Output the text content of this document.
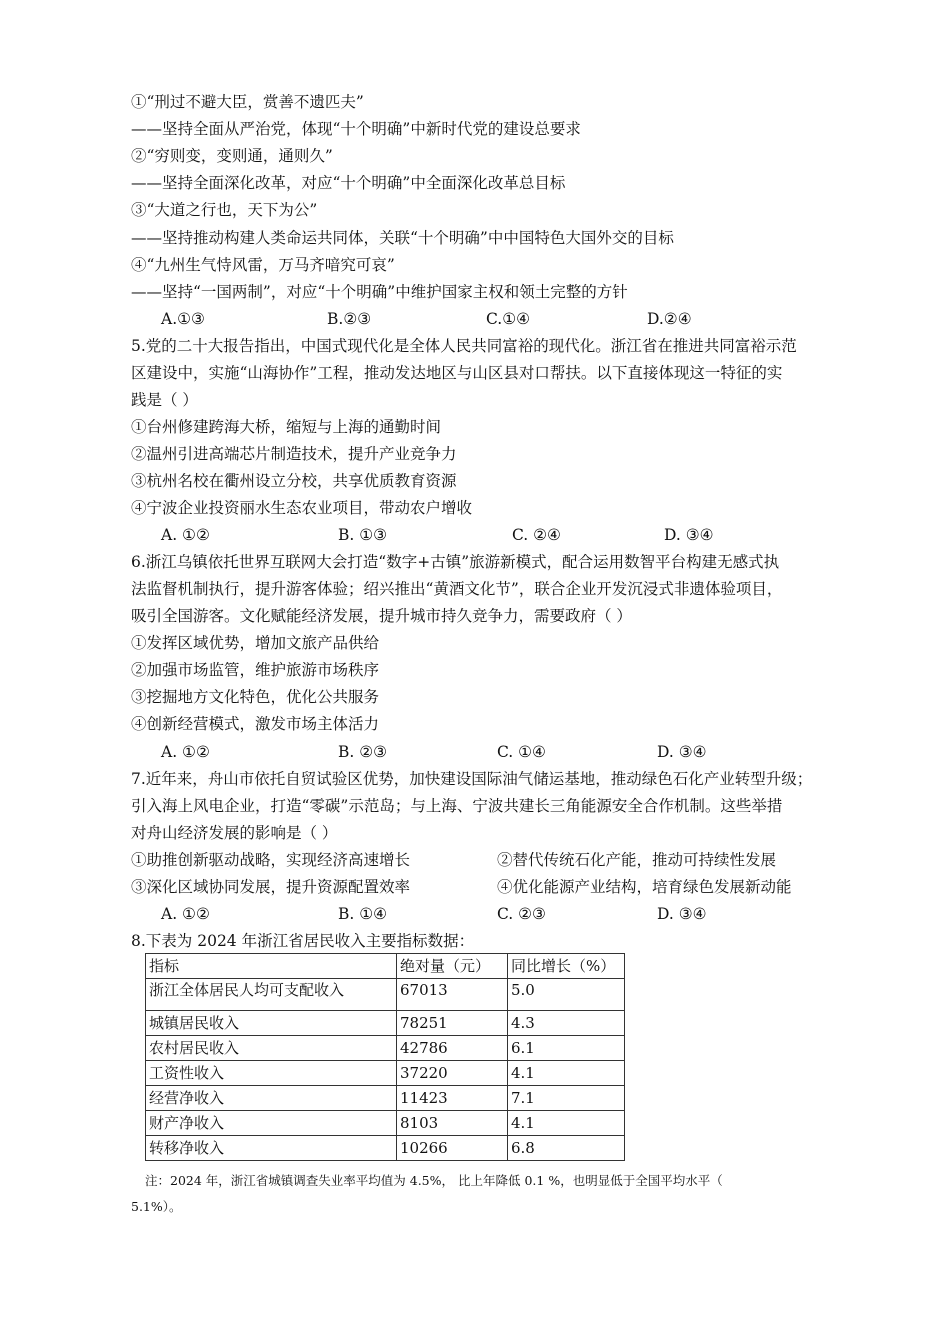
①“刑过不避大臣，赏善不遗匹夫”
——坚持全面从严治党，体现“十个明确”中新时代党的建设总要求
②“穷则变，变则通，通则久”
——坚持全面深化改革，对应“十个明确”中全面深化改革总目标
③“大道之行也，天下为公”
——坚持推动构建人类命运共同体，关联“十个明确”中中国特色大国外交的目标
④“九州生气恃风雷，万马齐喑究可哀”
——坚持“一国两制”，对应“十个明确”中维护国家主权和领土完整的方针
A.①③	B.②③	C.①④	D.②④
5.党的二十大报告指出，中国式现代化是全体人民共同富裕的现代化。浙江省在推进共同富裕示范
区建设中，实施“山海协作”工程，推动发达地区与山区县对口帮扶。以下直接体现这一特征的实
践是（ ）
①台州修建跨海大桥，缩短与上海的通勤时间
②温州引进高端芯片制造技术，提升产业竞争力
③杭州名校在衢州设立分校，共享优质教育资源
④宁波企业投资丽水生态农业项目，带动农户增收
A. ①②	B. ①③	C. ②④	D. ③④
6.浙江乌镇依托世界互联网大会打造“数字+古镇”旅游新模式，配合运用数智平台构建无感式执
法监督机制执行，提升游客体验；绍兴推出“黄酒文化节”，联合企业开发沉浸式非遗体验项目，
吸引全国游客。文化赋能经济发展，提升城市持久竞争力，需要政府（ ）
①发挥区域优势，增加文旅产品供给
②加强市场监管，维护旅游市场秩序
③挖掘地方文化特色，优化公共服务
④创新经营模式，激发市场主体活力
A. ①②	B. ②③	C. ①④	D. ③④
7.近年来，舟山市依托自贸试验区优势，加快建设国际油气储运基地，推动绿色石化产业转型升级；
引入海上风电企业，打造“零碳”示范岛；与上海、宁波共建长三角能源安全合作机制。这些举措
对舟山经济发展的影响是（ ）
①助推创新驱动战略，实现经济高速增长	②替代传统石化产能，推动可持续性发展
③深化区域协同发展，提升资源配置效率	④优化能源产业结构，培育绿色发展新动能
A. ①②	B. ①④	C. ②③	D. ③④
8.下表为 2024 年浙江省居民收入主要指标数据：
指标	绝对量（元）	同比增长（%）
浙江全体居民人均可支配收入	67013	5.0
城镇居民收入	78251	4.3
农村居民收入	42786	6.1
工资性收入	37220	4.1
经营净收入	11423	7.1
财产净收入	8103	4.1
转移净收入	10266	6.8
注：2024 年，浙江省城镇调查失业率平均值为 4.5%， 比上年降低 0.1 %，也明显低于全国平均水平（
5.1%）。
